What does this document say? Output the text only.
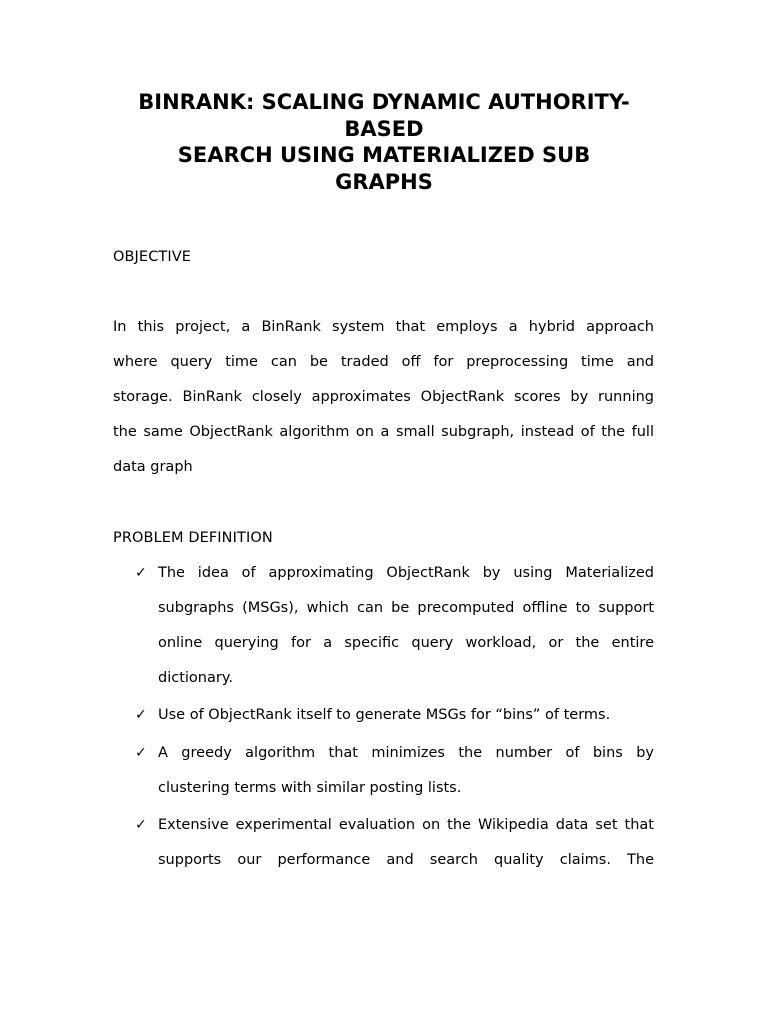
BINRANK: SCALING DYNAMIC AUTHORITY-
BASED
SEARCH USING MATERIALIZED SUB
GRAPHS
OBJECTIVE

In this project, a BinRank system that employs a hybrid approach
where query time can be traded off for preprocessing time and
storage. BinRank closely approximates ObjectRank scores by running
the same ObjectRank algorithm on a small subgraph, instead of the full
data graph

PROBLEM DEFINITION
✓ The idea of approximating ObjectRank by using Materialized
subgraphs (MSGs), which can be precomputed offline to support
online querying for a specific query workload, or the entire
dictionary.
✓ Use of ObjectRank itself to generate MSGs for “bins” of terms.
✓ A greedy algorithm that minimizes the number of bins by
clustering terms with similar posting lists.
✓ Extensive experimental evaluation on the Wikipedia data set that
supports our performance and search quality claims. The
